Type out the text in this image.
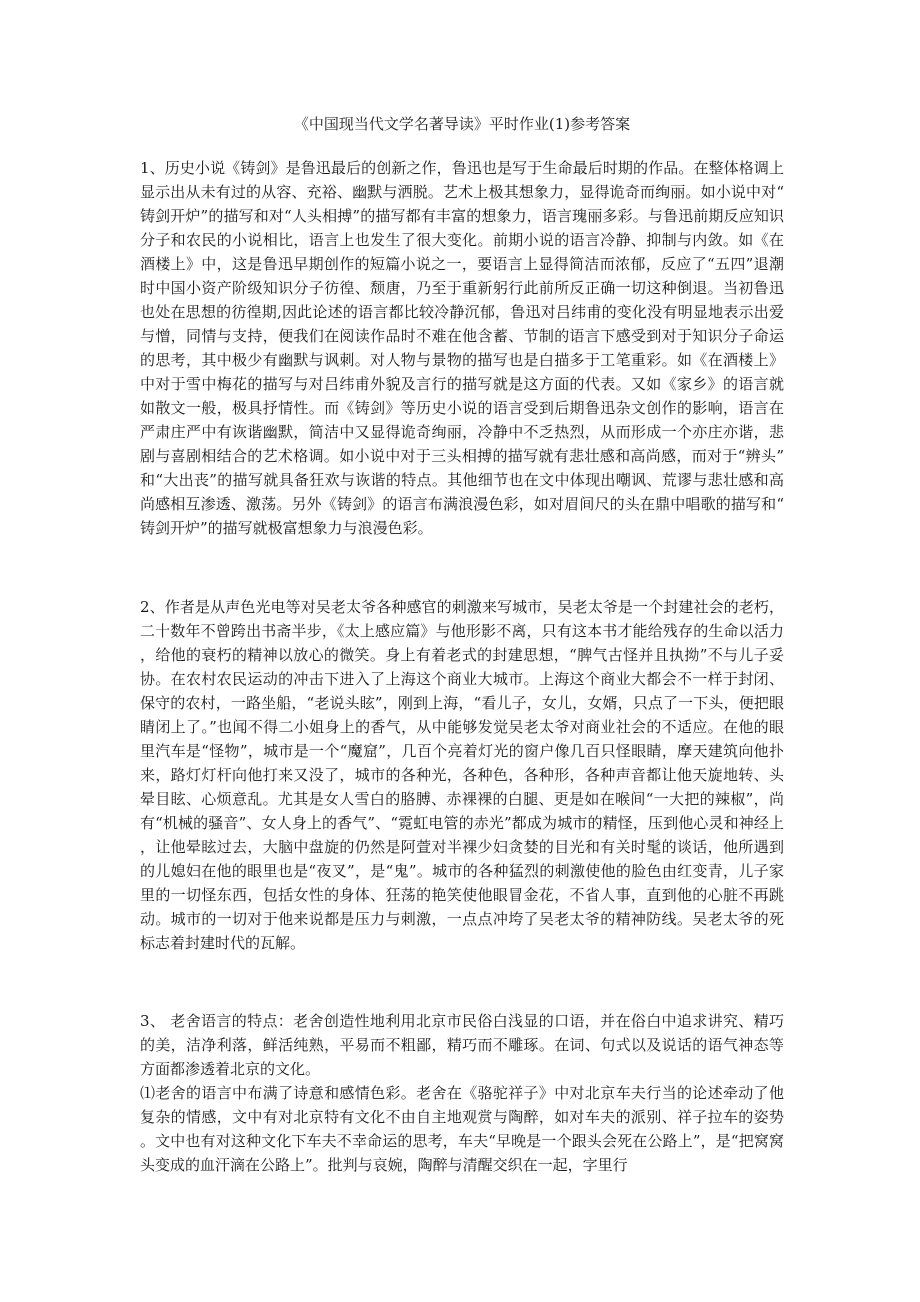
《中国现当代文学名著导读》平时作业(1)参考答案

1、历史小说《铸剑》是鲁迅最后的创新之作，鲁迅也是写于生命最后时期的作品。在整体格调上显示出从未有过的从容、充裕、幽默与洒脱。艺术上极其想象力，显得诡奇而绚丽。如小说中对“铸剑开炉”的描写和对“人头相搏”的描写都有丰富的想象力，语言瑰丽多彩。与鲁迅前期反应知识分子和农民的小说相比，语言上也发生了很大变化。前期小说的语言冷静、抑制与内敛。如《在酒楼上》中，这是鲁迅早期创作的短篇小说之一，要语言上显得简洁而浓郁，反应了“五四”退潮时中国小资产阶级知识分子彷徨、颓唐，乃至于重新躬行此前所反正确一切这种倒退。当初鲁迅也处在思想的彷徨期,因此论述的语言都比较冷静沉郁，鲁迅对吕纬甫的变化没有明显地表示出爱与憎，同情与支持，便我们在阅读作品时不难在他含蓄、节制的语言下感受到对于知识分子命运的思考，其中极少有幽默与讽刺。对人物与景物的描写也是白描多于工笔重彩。如《在酒楼上》中对于雪中梅花的描写与对吕纬甫外貌及言行的描写就是这方面的代表。又如《家乡》的语言就如散文一般，极具抒情性。而《铸剑》等历史小说的语言受到后期鲁迅杂文创作的影响，语言在严肃庄严中有诙谐幽默，简洁中又显得诡奇绚丽，冷静中不乏热烈，从而形成一个亦庄亦谐，悲剧与喜剧相结合的艺术格调。如小说中对于三头相搏的描写就有悲壮感和高尚感，而对于“辨头”和“大出丧”的描写就具备狂欢与诙谐的特点。其他细节也在文中体现出嘲讽、荒谬与悲壮感和高尚感相互渗透、激荡。另外《铸剑》的语言布满浪漫色彩，如对眉间尺的头在鼎中唱歌的描写和“铸剑开炉”的描写就极富想象力与浪漫色彩。

2、作者是从声色光电等对吴老太爷各种感官的刺激来写城市，吴老太爷是一个封建社会的老朽，二十数年不曾跨出书斋半步，《太上感应篇》与他形影不离，只有这本书才能给残存的生命以活力，给他的衰朽的精神以放心的微笑。身上有着老式的封建思想，“脾气古怪并且执拗”不与儿子妥协。在农村农民运动的冲击下进入了上海这个商业大城市。上海这个商业大都会不一样于封闭、保守的农村，一路坐船，“老说头眩”，刚到上海，“看儿子，女儿，女婿，只点了一下头，便把眼睛闭上了。”也闻不得二小姐身上的香气，从中能够发觉吴老太爷对商业社会的不适应。在他的眼里汽车是“怪物”，城市是一个“魔窟”，几百个亮着灯光的窗户像几百只怪眼睛，摩天建筑向他扑来，路灯灯杆向他打来又没了，城市的各种光，各种色，各种形，各种声音都让他天旋地转、头晕目眩、心烦意乱。尤其是女人雪白的胳膊、赤裸裸的白腿、更是如在喉间“一大把的辣椒”，尚有“机械的骚音”、女人身上的香气”、“霓虹电管的赤光”都成为城市的精怪，压到他心灵和神经上，让他晕眩过去，大脑中盘旋的仍然是阿萱对半裸少妇贪婪的目光和有关时髦的谈话，他所遇到的儿媳妇在他的眼里也是“夜叉”，是“鬼”。城市的各种猛烈的刺激使他的脸色由红变青，儿子家里的一切怪东西，包括女性的身体、狂荡的艳笑使他眼冒金花，不省人事，直到他的心脏不再跳动。城市的一切对于他来说都是压力与刺激，一点点冲垮了吴老太爷的精神防线。吴老太爷的死标志着封建时代的瓦解。

3、 老舍语言的特点：老舍创造性地利用北京市民俗白浅显的口语，并在俗白中追求讲究、精巧的美，洁净利落，鲜活纯熟，平易而不粗鄙，精巧而不雕琢。在词、句式以及说话的语气神态等方面都渗透着北京的文化。

⑴老舍的语言中布满了诗意和感情色彩。老舍在《骆驼祥子》中对北京车夫行当的论述牵动了他复杂的情感，文中有对北京特有文化不由自主地观赏与陶醉，如对车夫的派别、祥子拉车的姿势。文中也有对这种文化下车夫不幸命运的思考，车夫“早晚是一个跟头会死在公路上”，是“把窝窝头变成的血汗滴在公路上”。批判与哀婉，陶醉与清醒交织在一起，字里行
